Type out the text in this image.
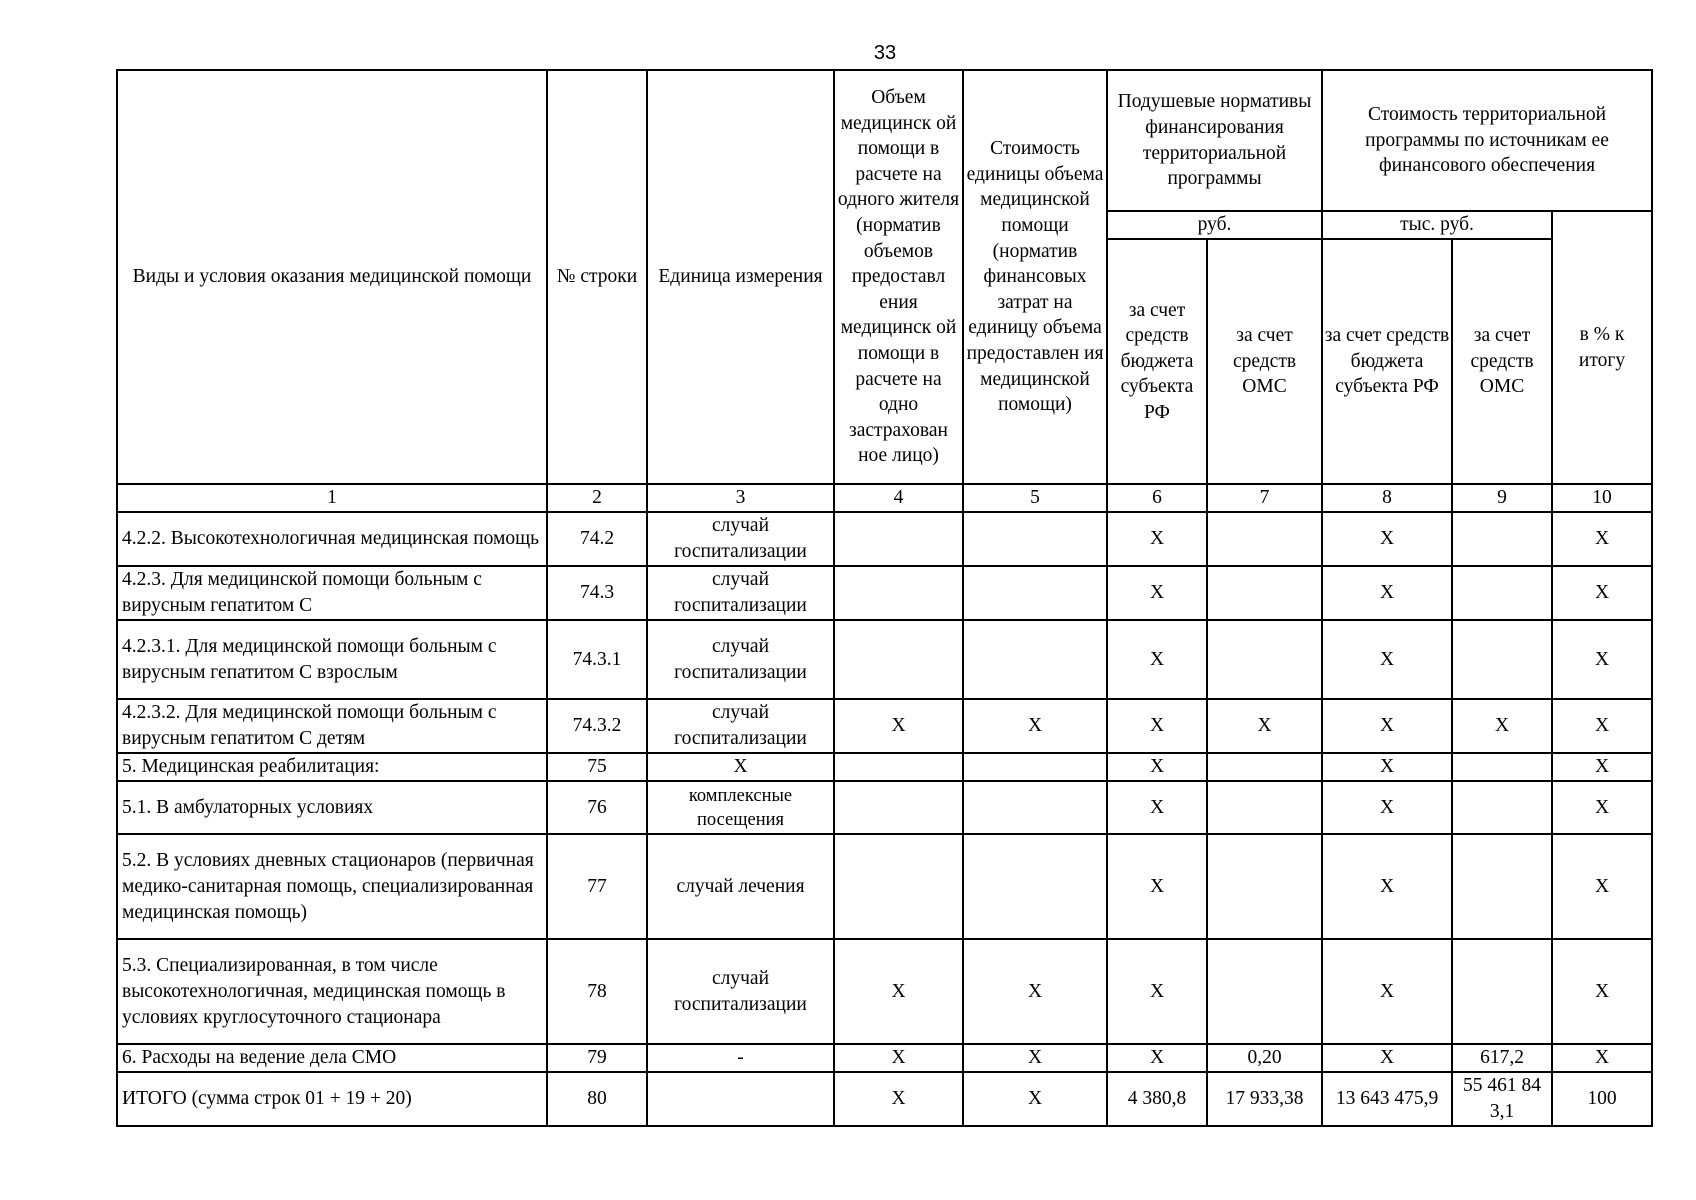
33
Виды и условия оказания медицинской помощи	№ строки	Единица измерения	Объем медицинск ой помощи в расчете на одного жителя (норматив объемов предоставл ения медицинск ой помощи в расчете на одно застрахован ное лицо)	Стоимость единицы объема медицинской помощи (норматив финансовых затрат на единицу объема предоставлен ия медицинской помощи)	Подушевые нормативы финансирования территориальной программы		Стоимость территориальной программы по источникам ее финансового обеспечения		
					руб.		тыс. руб.		в % к итогу
					за счет средств бюджета субъекта РФ	за счет средств ОМС	за счет средств бюджета субъекта РФ	за счет средств ОМС	
1	2	3	4	5	6	7	8	9	10
4.2.2. Высокотехнологичная медицинская помощь	74.2	случай госпитализации			Х		Х		Х
4.2.3. Для медицинской помощи больным с вирусным гепатитом С	74.3	случай госпитализации			Х		Х		Х
4.2.3.1. Для медицинской помощи больным с вирусным гепатитом С взрослым	74.3.1	случай госпитализации			Х		Х		Х
4.2.3.2. Для медицинской помощи больным с вирусным гепатитом С детям	74.3.2	случай госпитализации	Х	Х	Х	Х	Х	Х	Х
5. Медицинская реабилитация:	75	Х			Х		Х		Х
5.1. В амбулаторных условиях	76	комплексные посещения			Х		Х		Х
5.2. В условиях дневных стационаров (первичная медико-санитарная помощь, специализированная медицинская помощь)	77	случай лечения			Х		Х		Х
5.3. Специализированная, в том числе высокотехнологичная, медицинская помощь в условиях круглосуточного стационара	78	случай госпитализации	Х	Х	Х		Х		Х
6. Расходы на ведение дела СМО	79	-	Х	Х	Х	0,20	Х	617,2	Х
ИТОГО (сумма строк 01 + 19 + 20)	80		Х	Х	4 380,8	17 933,38	13 643 475,9	55 461 84 3,1	100
